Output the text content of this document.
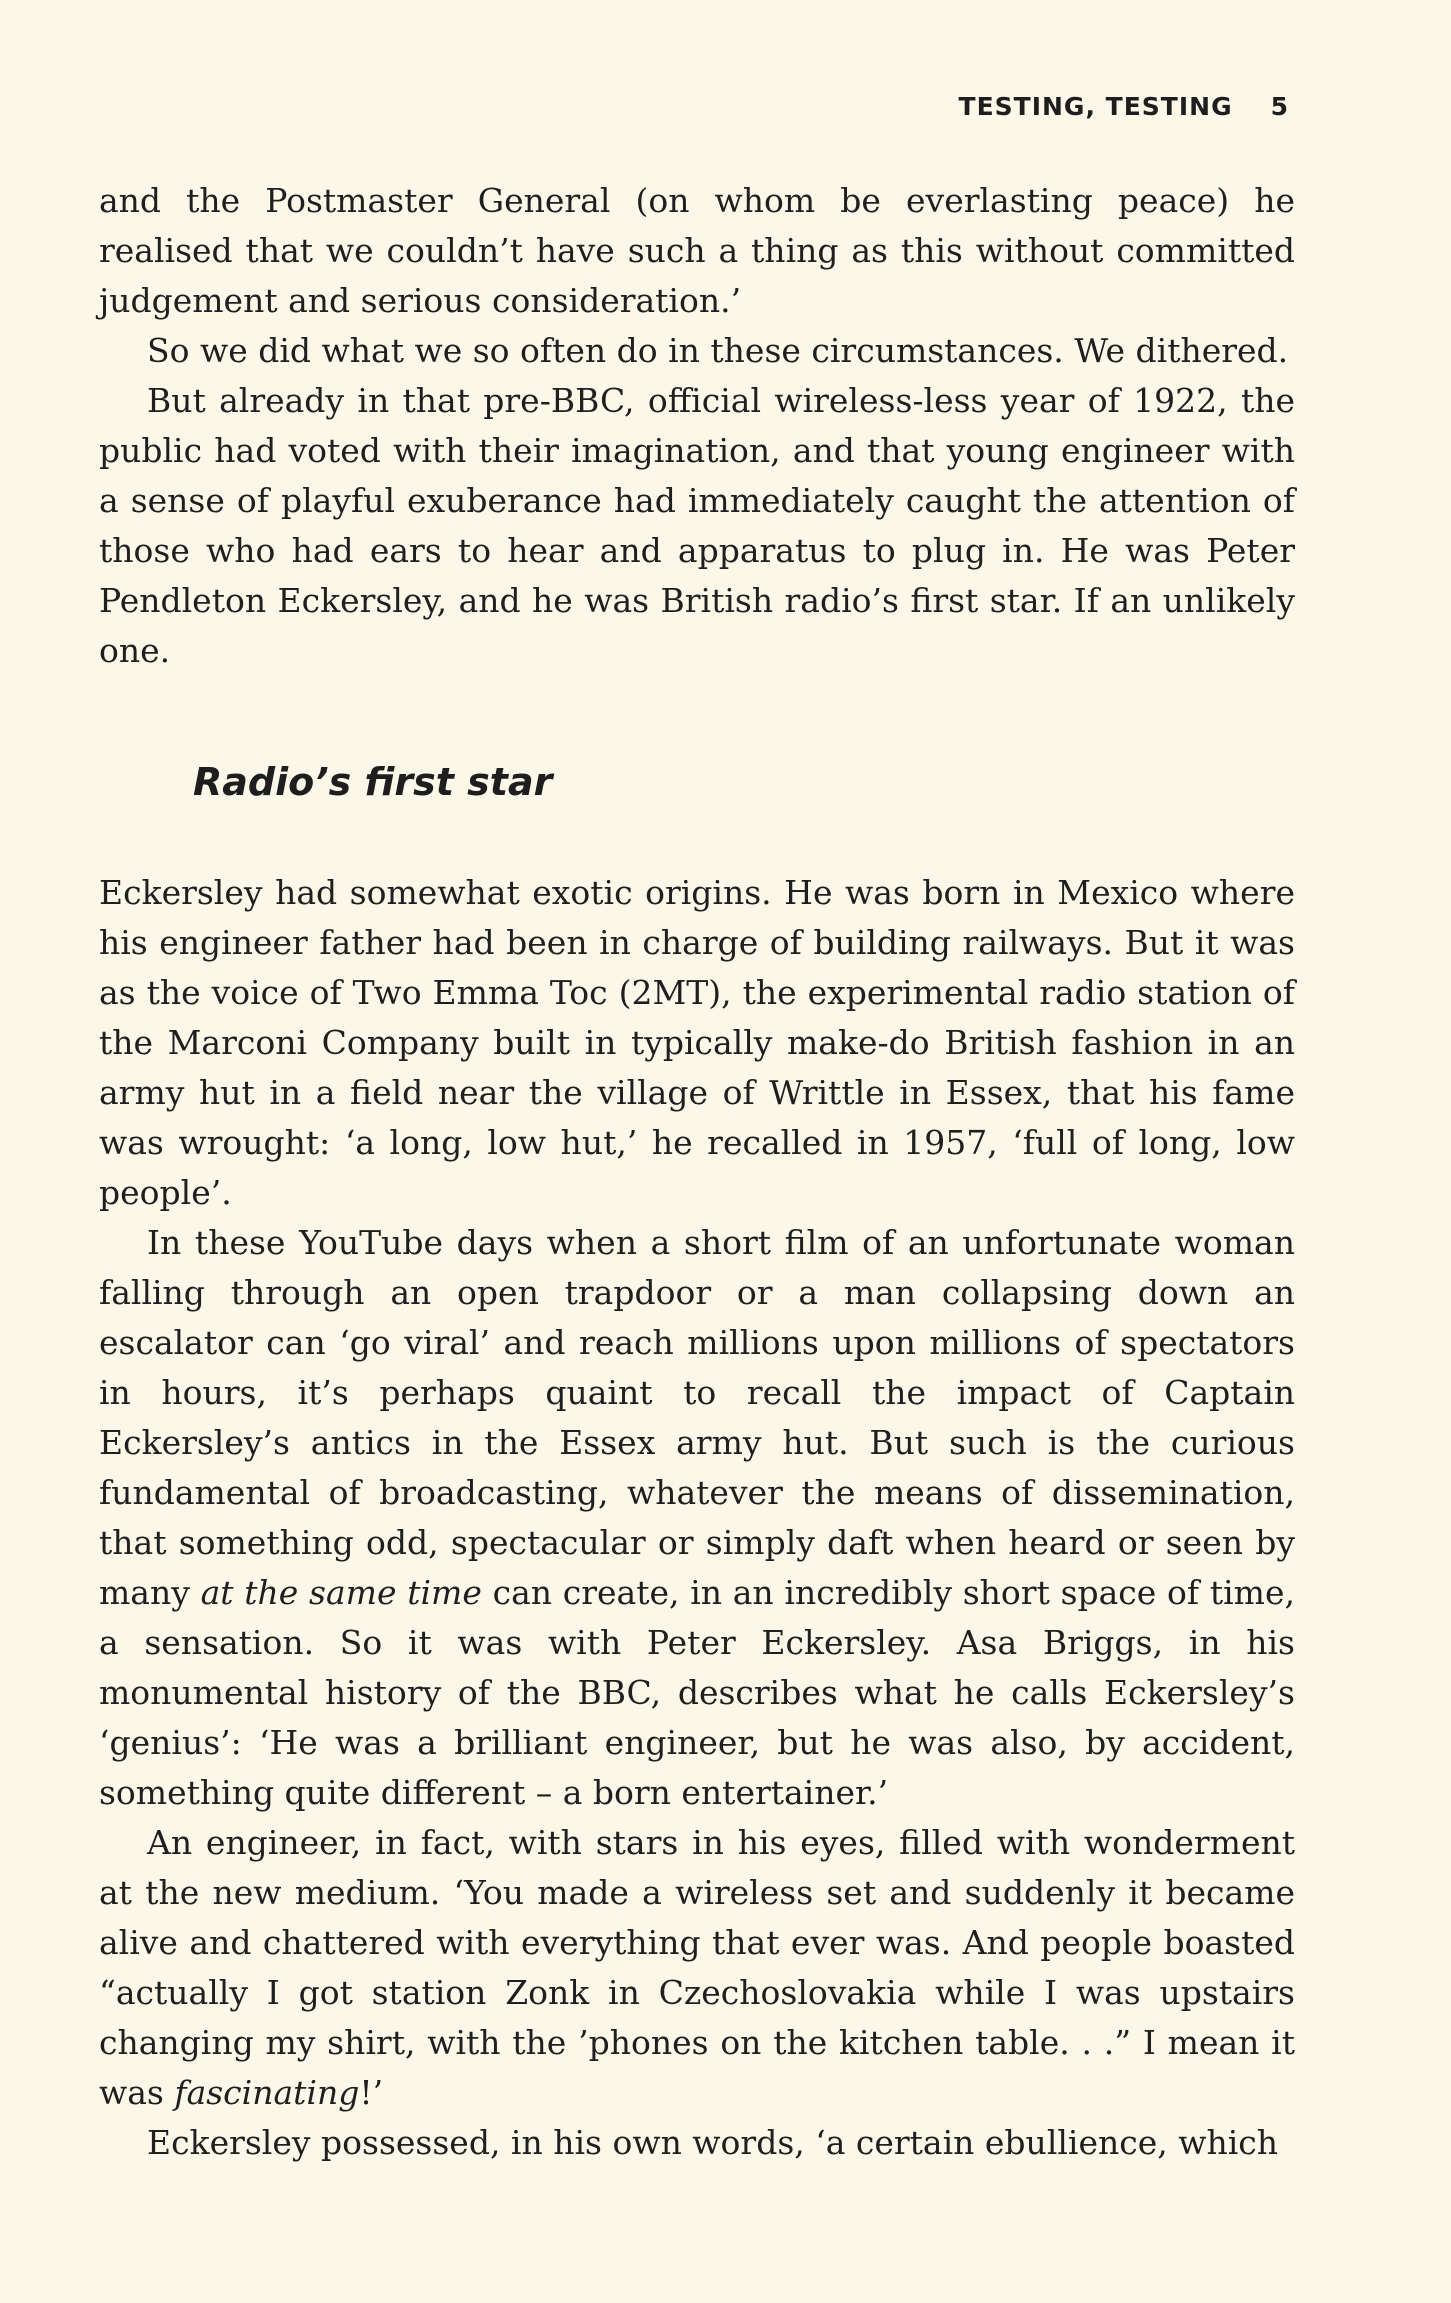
TESTING, TESTING 5

and the Postmaster General (on whom be everlasting peace) he realised that we couldn’t have such a thing as this without committed judgement and serious consideration.’

So we did what we so often do in these circumstances. We dithered.

But already in that pre-BBC, official wireless-less year of 1922, the public had voted with their imagination, and that young engineer with a sense of playful exuberance had immediately caught the attention of those who had ears to hear and apparatus to plug in. He was Peter Pendleton Eckersley, and he was British radio’s first star. If an unlikely one.

Radio’s first star

Eckersley had somewhat exotic origins. He was born in Mexico where his engineer father had been in charge of building railways. But it was as the voice of Two Emma Toc (2MT), the experimental radio station of the Marconi Company built in typically make-do British fashion in an army hut in a field near the village of Writtle in Essex, that his fame was wrought: ‘a long, low hut,’ he recalled in 1957, ‘full of long, low people’.

In these YouTube days when a short film of an unfortunate woman falling through an open trapdoor or a man collapsing down an escalator can ‘go viral’ and reach millions upon millions of spectators in hours, it’s perhaps quaint to recall the impact of Captain Eckersley’s antics in the Essex army hut. But such is the curious fundamental of broadcasting, whatever the means of dissemination, that something odd, spectacular or simply daft when heard or seen by many at the same time can create, in an incredibly short space of time, a sensation. So it was with Peter Eckersley. Asa Briggs, in his monumental history of the BBC, describes what he calls Eckersley’s ‘genius’: ‘He was a brilliant engineer, but he was also, by accident, something quite different – a born entertainer.’

An engineer, in fact, with stars in his eyes, filled with wonderment at the new medium. ‘You made a wireless set and suddenly it became alive and chattered with everything that ever was. And people boasted “actually I got station Zonk in Czechoslovakia while I was upstairs changing my shirt, with the ’phones on the kitchen table. . .” I mean it was fascinating!’

Eckersley possessed, in his own words, ‘a certain ebullience, which
